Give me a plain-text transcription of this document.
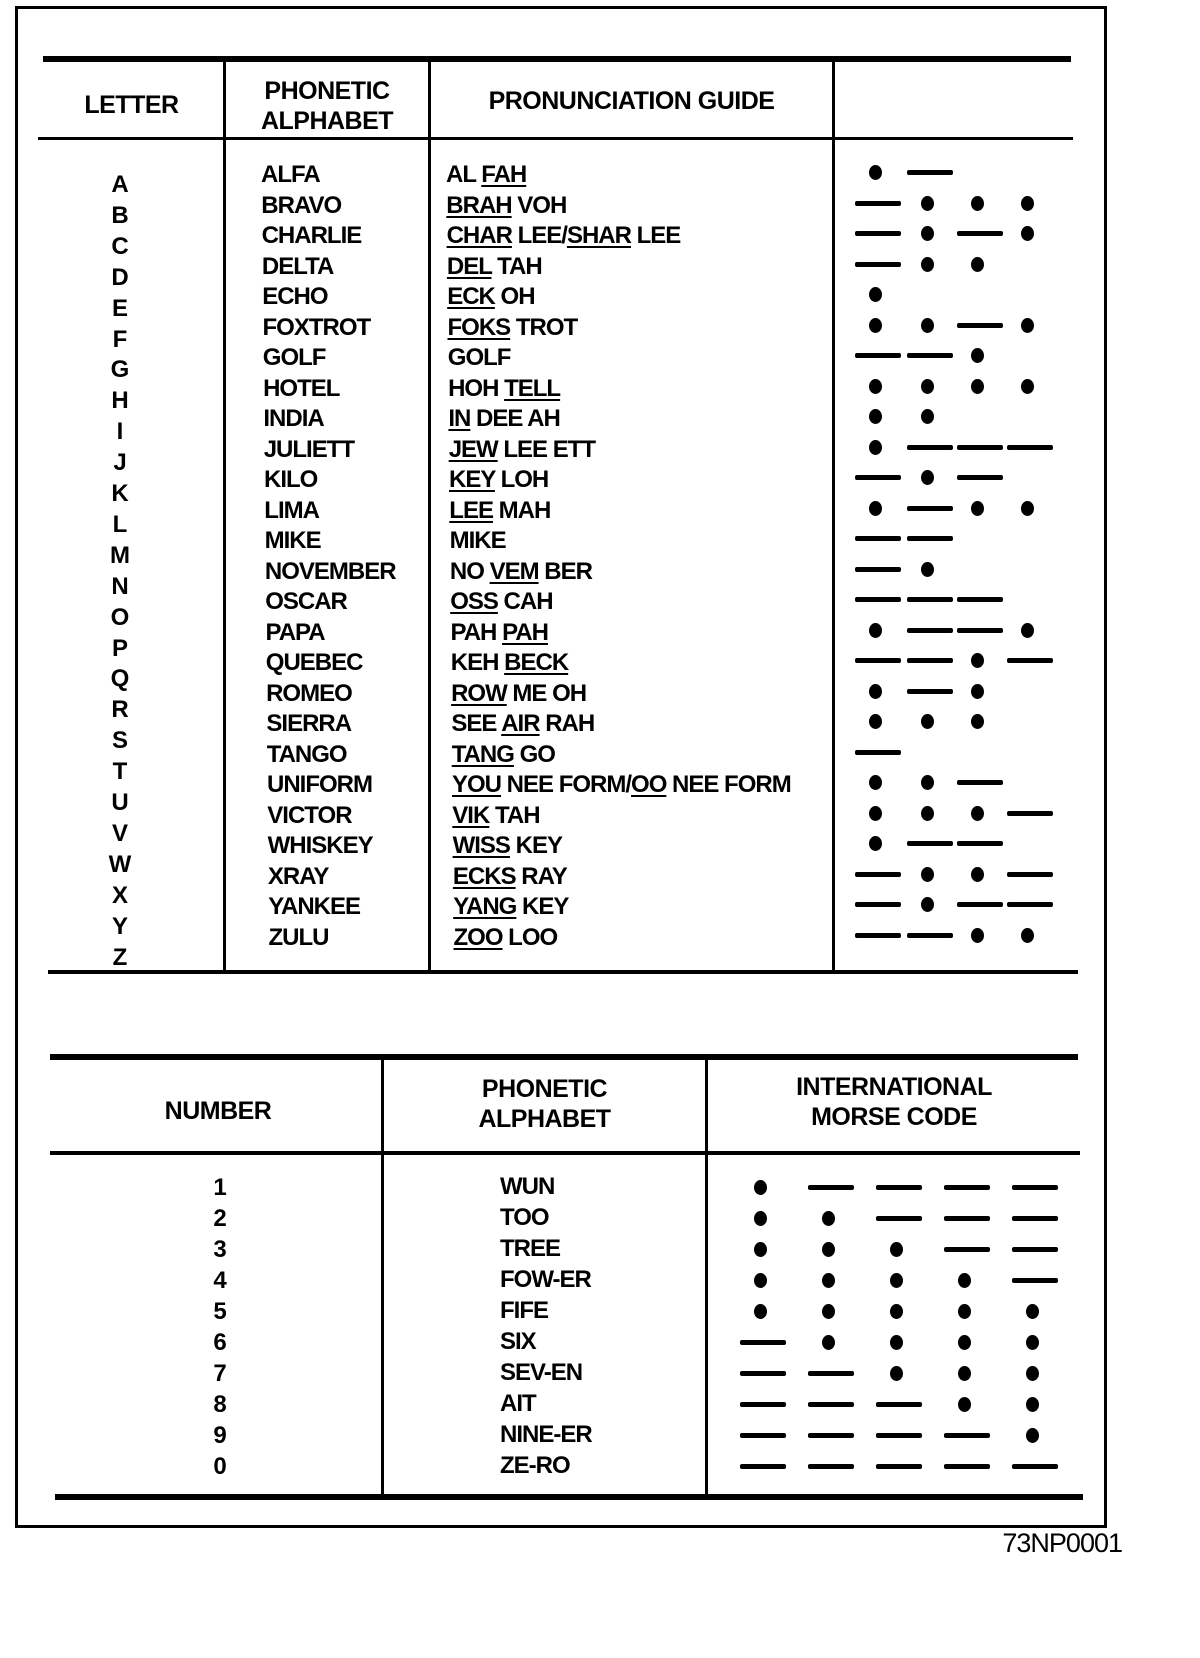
LETTER	PHONETIC
ALPHABET
PRONUNCIATION GUIDE
A
B
C
D
E
F
G
H
I
J
K
L
M
N
O
P
Q
R
S
T
U
V
W
X
Y
Z
ALFA
BRAVO
CHARLIE
DELTA
ECHO
FOXTROT
GOLF
HOTEL
INDIA
JULIETT
KILO
LIMA
MIKE
NOVEMBER
OSCAR
PAPA
QUEBEC
ROMEO
SIERRA
TANGO
UNIFORM
VICTOR
WHISKEY
XRAY
YANKEE
ZULU
AL FAH
BRAH VOH
CHAR LEE/SHAR LEE
DEL TAH
ECK OH
FOKS TROT
GOLF
HOH TELL
IN DEE AH
JEW LEE ETT
KEY LOH
LEE MAH
MIKE
NO VEM BER
OSS CAH
PAH PAH
KEH BECK
ROW ME OH
SEE AIR RAH
TANG GO
YOU NEE FORM/OO NEE FORM
VIK TAH
WISS KEY
ECKS RAY
YANG KEY
ZOO LOO
NUMBER
PHONETIC
ALPHABET
INTERNATIONAL
MORSE CODE
1
2
3
4
5
6
7
8
9
0
WUN
TOO
TREE
FOW-ER
FIFE
SIX
SEV-EN
AIT
NINE-ER
ZE-RO
73NP0001
